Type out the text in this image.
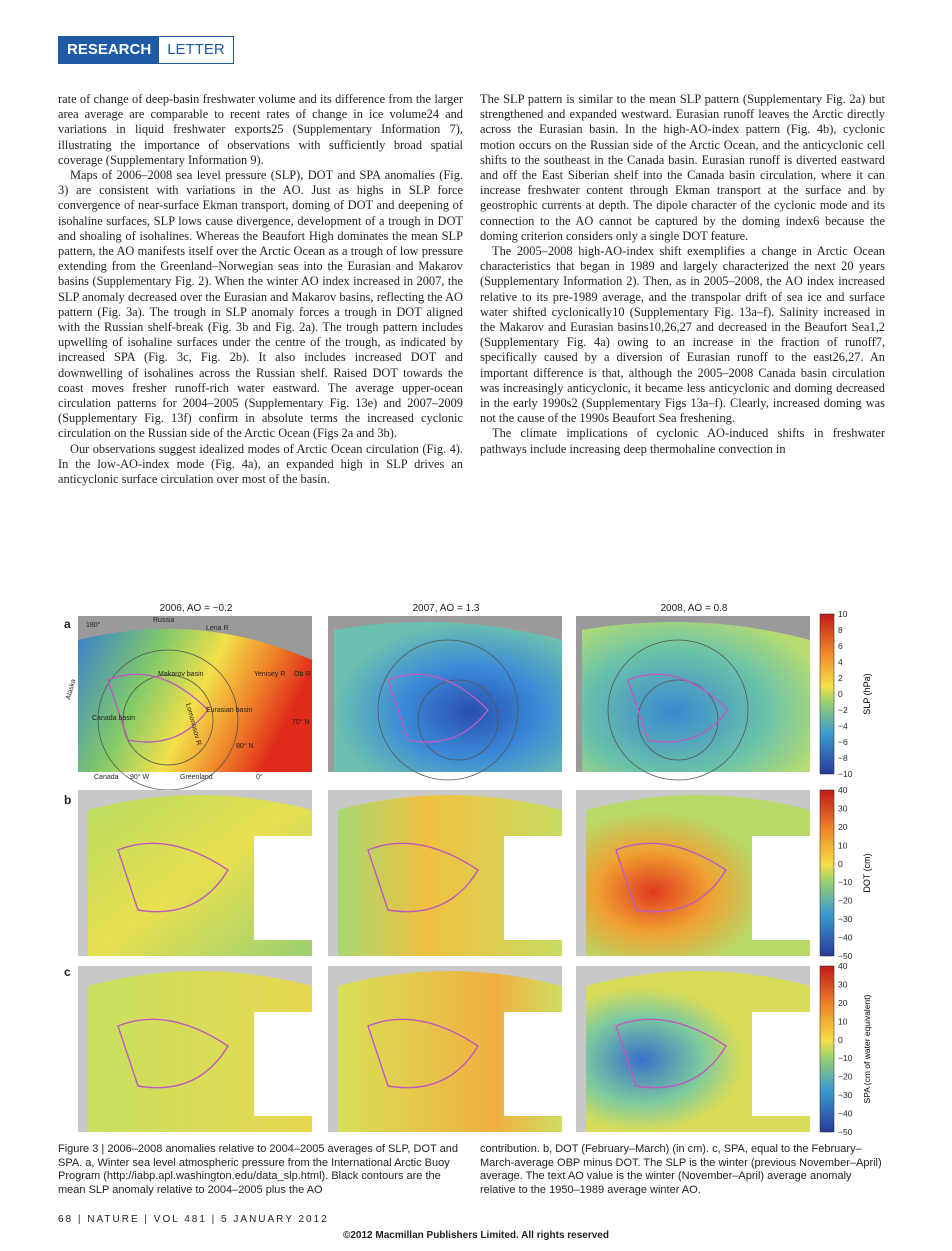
RESEARCH	LETTER

rate of change of deep-basin freshwater volume and its difference from the larger area average are comparable to recent rates of change in ice volume24 and variations in liquid freshwater exports25 (Supplementary Information 7), illustrating the importance of observations with sufficiently broad spatial coverage (Supplementary Information 9).

Maps of 2006–2008 sea level pressure (SLP), DOT and SPA anomalies (Fig. 3) are consistent with variations in the AO. Just as highs in SLP force convergence of near-surface Ekman transport, doming of DOT and deepening of isohaline surfaces, SLP lows cause divergence, development of a trough in DOT and shoaling of isohalines. Whereas the Beaufort High dominates the mean SLP pattern, the AO manifests itself over the Arctic Ocean as a trough of low pressure extending from the Greenland–Norwegian seas into the Eurasian and Makarov basins (Supplementary Fig. 2). When the winter AO index increased in 2007, the SLP anomaly decreased over the Eurasian and Makarov basins, reflecting the AO pattern (Fig. 3a). The trough in SLP anomaly forces a trough in DOT aligned with the Russian shelf-break (Fig. 3b and Fig. 2a). The trough pattern includes upwelling of isohaline surfaces under the centre of the trough, as indicated by increased SPA (Fig. 3c, Fig. 2b). It also includes increased DOT and downwelling of isohalines across the Russian shelf. Raised DOT towards the coast moves fresher runoff-rich water eastward. The average upper-ocean circulation patterns for 2004–2005 (Supplementary Fig. 13e) and 2007–2009 (Supplementary Fig. 13f) confirm in absolute terms the increased cyclonic circulation on the Russian side of the Arctic Ocean (Figs 2a and 3b).

Our observations suggest idealized modes of Arctic Ocean circulation (Fig. 4). In the low-AO-index mode (Fig. 4a), an expanded high in SLP drives an anticyclonic surface circulation over most of the basin.

The SLP pattern is similar to the mean SLP pattern (Supplementary Fig. 2a) but strengthened and expanded westward. Eurasian runoff leaves the Arctic directly across the Eurasian basin. In the high-AO-index pattern (Fig. 4b), cyclonic motion occurs on the Russian side of the Arctic Ocean, and the anticyclonic cell shifts to the southeast in the Canada basin. Eurasian runoff is diverted eastward and off the East Siberian shelf into the Canada basin circulation, where it can increase freshwater content through Ekman transport at the surface and by geostrophic currents at depth. The dipole character of the cyclonic mode and its connection to the AO cannot be captured by the doming index6 because the doming criterion considers only a single DOT feature.

The 2005–2008 high-AO-index shift exemplifies a change in Arctic Ocean characteristics that began in 1989 and largely characterized the next 20 years (Supplementary Information 2). Then, as in 2005–2008, the AO index increased relative to its pre-1989 average, and the transpolar drift of sea ice and surface water shifted cyclonically10 (Supplementary Fig. 13a–f). Salinity increased in the Makarov and Eurasian basins10,26,27 and decreased in the Beaufort Sea1,2 (Supplementary Fig. 4a) owing to an increase in the fraction of runoff7, specifically caused by a diversion of Eurasian runoff to the east26,27. An important difference is that, although the 2005–2008 Canada basin circulation was increasingly anticyclonic, it became less anticyclonic and doming decreased in the early 1990s2 (Supplementary Figs 13a–f). Clearly, increased doming was not the cause of the 1990s Beaufort Sea freshening.

The climate implications of cyclonic AO-induced shifts in freshwater pathways include increasing deep thermohaline convection in

2006, AO = −0.2	2007, AO = 1.3	2008, AO = 0.8
a
b
c
180°
Russia
Lena R
Yenisey R Ob R
Makarov basin
Canada basin
Eurasian basin
80° N
70° N
Alaska
Lomonosov R
Canada 90° W	Greenland	0°
10
8
6
4
2
0
−2
−4
−6
−8
−10
SLP (hPa)
40
30
20
10
0
−10
−20
−30
−40
−50
DOT (cm)
40
30
20
10
0
−10
−20
−30
−40
−50
SPA (cm of water equivalent)
Figure 3 | 2006–2008 anomalies relative to 2004–2005 averages of SLP, DOT and SPA. a, Winter sea level atmospheric pressure from the International Arctic Buoy Program (http://iabp.apl.washington.edu/data_slp.html). Black contours are the mean SLP anomaly relative to 2004–2005 plus the AO
contribution. b, DOT (February–March) (in cm). c, SPA, equal to the February–March-average OBP minus DOT. The SLP is the winter (previous November–April) average. The text AO value is the winter (November–April) average anomaly relative to the 1950–1989 average winter AO.
68 | NATURE | VOL 481 | 5 JANUARY 2012
©2012 Macmillan Publishers Limited. All rights reserved
